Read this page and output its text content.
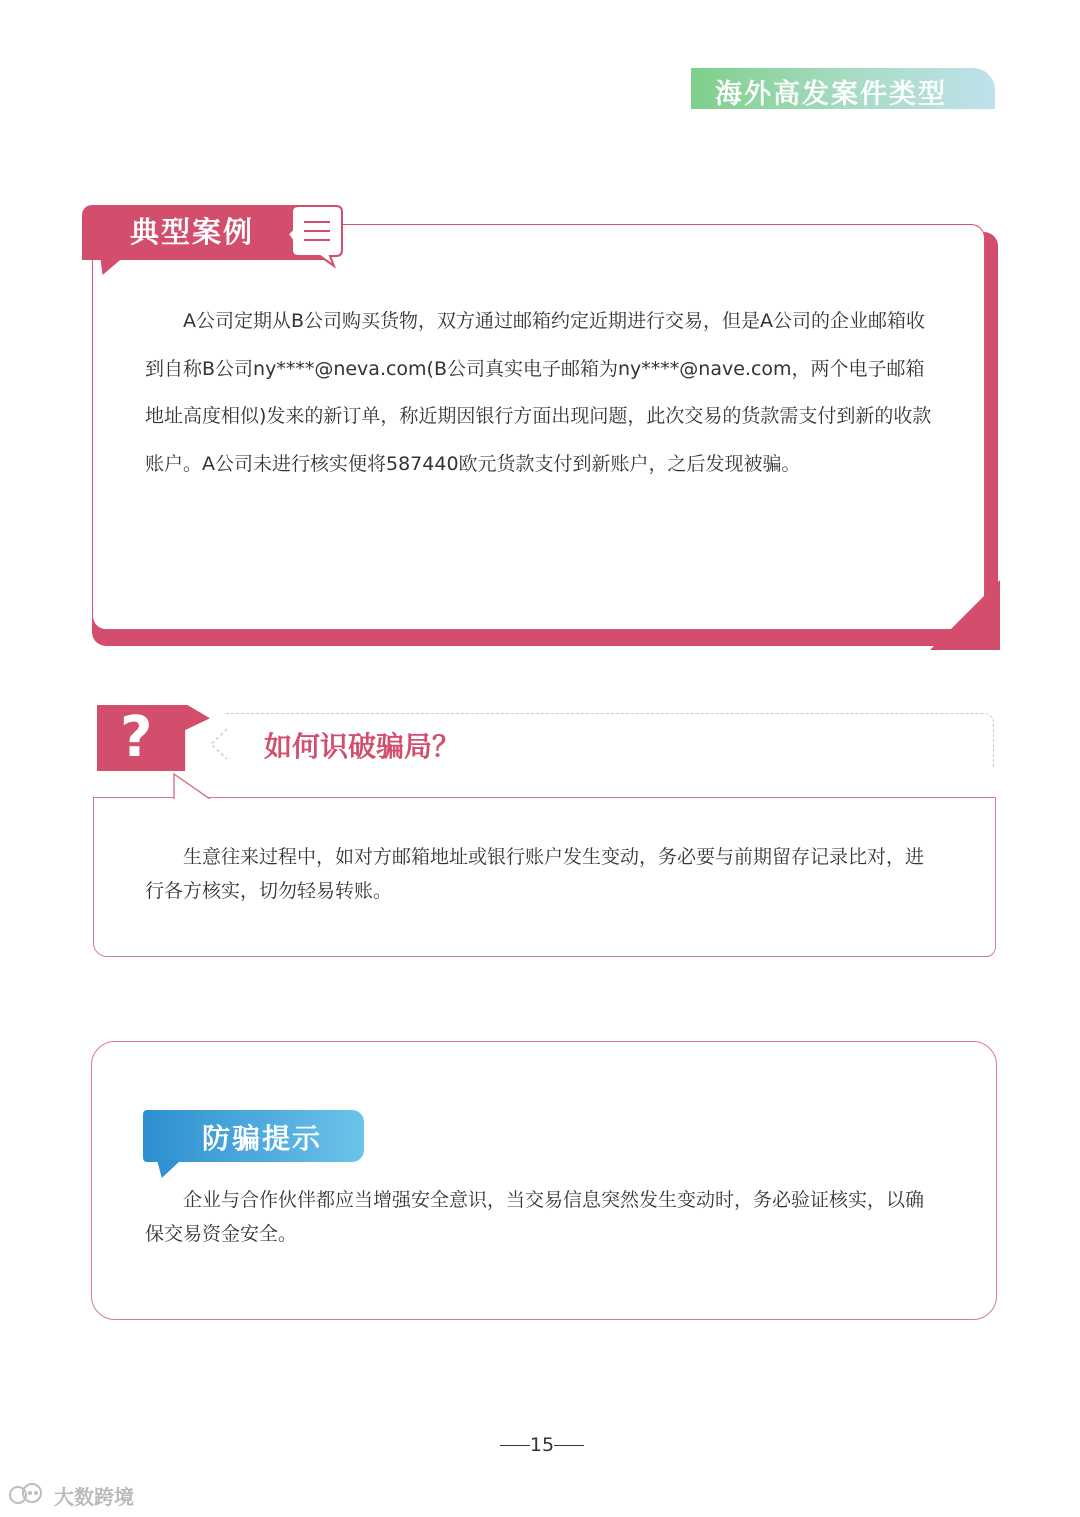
海外高发案件类型
典型案例

A公司定期从B公司购买货物，双方通过邮箱约定近期进行交易，但是A公司的企业邮箱收到自称B公司ny****@neva.com(B公司真实电子邮箱为ny****@nave.com，两个电子邮箱地址高度相似)发来的新订单，称近期因银行方面出现问题，此次交易的货款需支付到新的收款账户。A公司未进行核实便将587440欧元货款支付到新账户，之后发现被骗。

?	如何识破骗局？

生意往来过程中，如对方邮箱地址或银行账户发生变动，务必要与前期留存记录比对，进行各方核实，切勿轻易转账。

防骗提示

企业与合作伙伴都应当增强安全意识，当交易信息突然发生变动时，务必验证核实，以确保交易资金安全。

15
大数跨境
